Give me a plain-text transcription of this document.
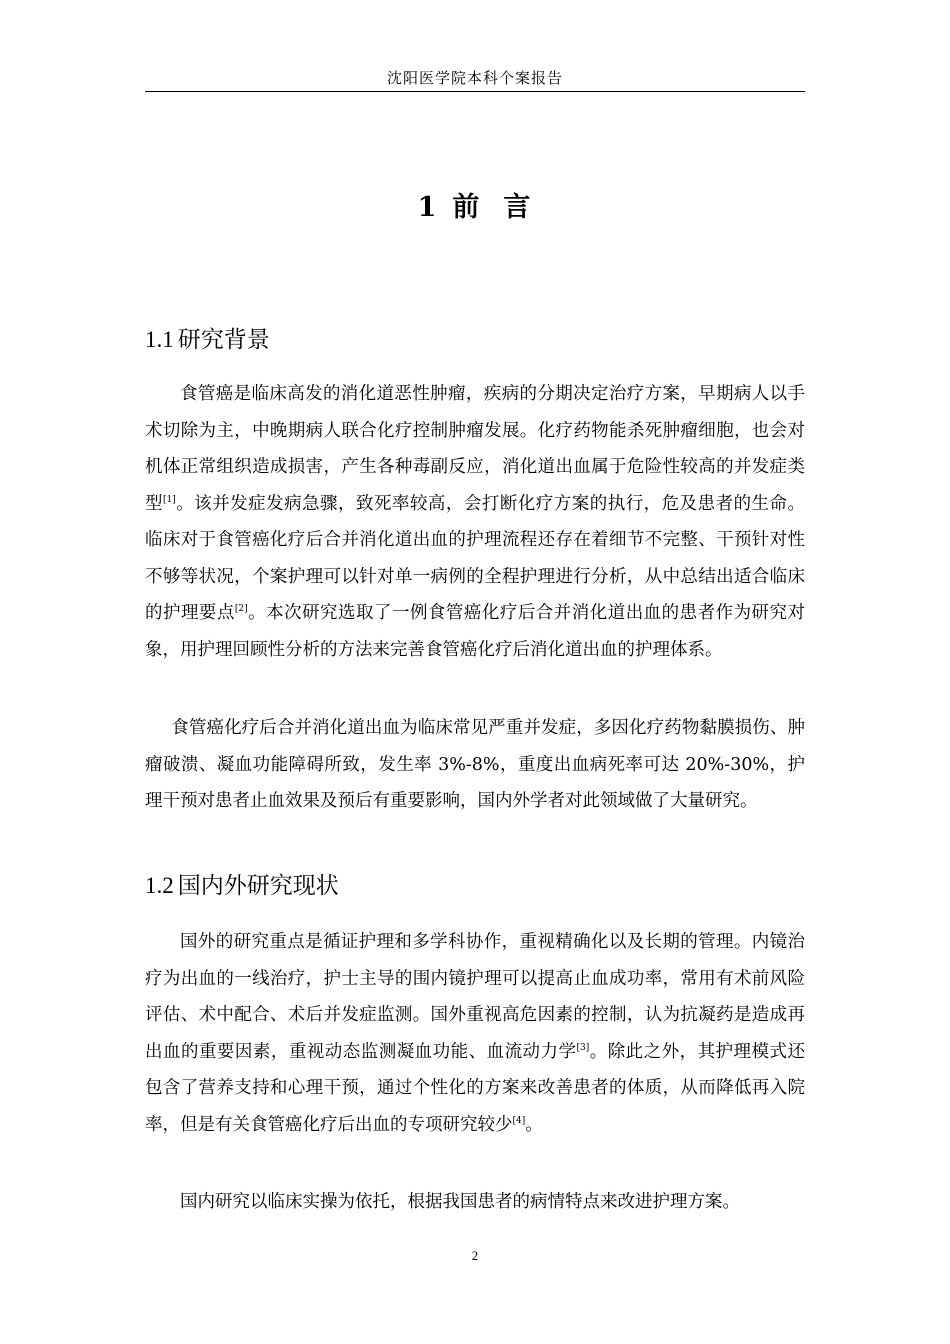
沈阳医学院本科个案报告
1 前 言
1.1 研究背景

食管癌是临床高发的消化道恶性肿瘤，疾病的分期决定治疗方案，早期病人以手术切除为主，中晚期病人联合化疗控制肿瘤发展。化疗药物能杀死肿瘤细胞，也会对机体正常组织造成损害，产生各种毒副反应，消化道出血属于危险性较高的并发症类型[1]。该并发症发病急骤，致死率较高，会打断化疗方案的执行，危及患者的生命。临床对于食管癌化疗后合并消化道出血的护理流程还存在着细节不完整、干预针对性不够等状况，个案护理可以针对单一病例的全程护理进行分析，从中总结出适合临床的护理要点[2]。本次研究选取了一例食管癌化疗后合并消化道出血的患者作为研究对象，用护理回顾性分析的方法来完善食管癌化疗后消化道出血的护理体系。

食管癌化疗后合并消化道出血为临床常见严重并发症，多因化疗药物黏膜损伤、肿瘤破溃、凝血功能障碍所致，发生率 3%-8%，重度出血病死率可达 20%-30%，护理干预对患者止血效果及预后有重要影响，国内外学者对此领域做了大量研究。

1.2 国内外研究现状

国外的研究重点是循证护理和多学科协作，重视精确化以及长期的管理。内镜治疗为出血的一线治疗，护士主导的围内镜护理可以提高止血成功率，常用有术前风险评估、术中配合、术后并发症监测。国外重视高危因素的控制，认为抗凝药是造成再出血的重要因素，重视动态监测凝血功能、血流动力学[3]。除此之外，其护理模式还包含了营养支持和心理干预，通过个性化的方案来改善患者的体质，从而降低再入院率，但是有关食管癌化疗后出血的专项研究较少[4]。

国内研究以临床实操为依托，根据我国患者的病情特点来改进护理方案。

2
